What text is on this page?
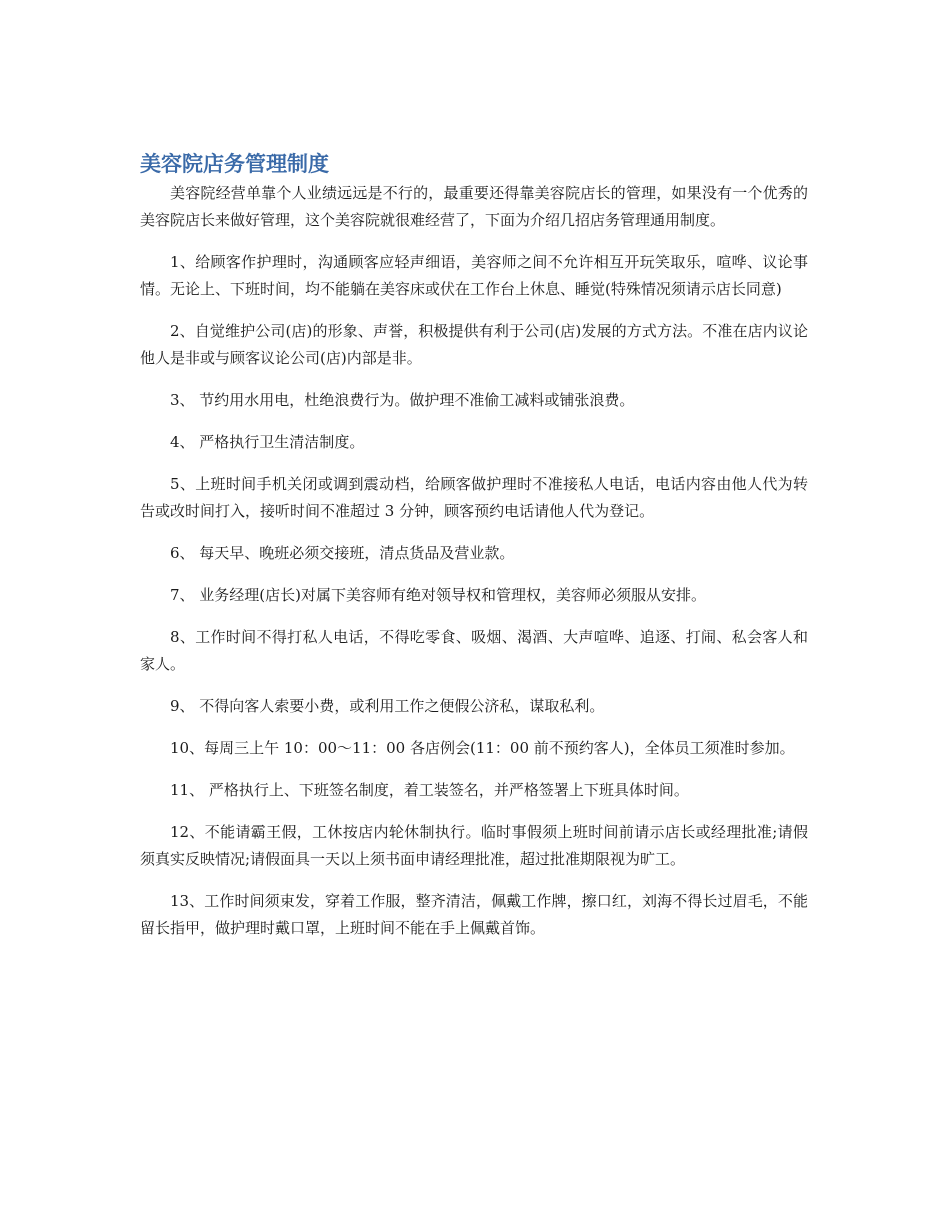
美容院店务管理制度

美容院经营单靠个人业绩远远是不行的，最重要还得靠美容院店长的管理，如果没有一个优秀的美容院店长来做好管理，这个美容院就很难经营了，下面为介绍几招店务管理通用制度。

1、给顾客作护理时，沟通顾客应轻声细语，美容师之间不允许相互开玩笑取乐，喧哗、议论事情。无论上、下班时间，均不能躺在美容床或伏在工作台上休息、睡觉(特殊情况须请示店长同意)

2、自觉维护公司(店)的形象、声誉，积极提供有利于公司(店)发展的方式方法。不准在店内议论他人是非或与顾客议论公司(店)内部是非。

3、 节约用水用电，杜绝浪费行为。做护理不准偷工减料或铺张浪费。

4、 严格执行卫生清洁制度。

5、上班时间手机关闭或调到震动档，给顾客做护理时不准接私人电话，电话内容由他人代为转告或改时间打入，接听时间不准超过 3 分钟，顾客预约电话请他人代为登记。

6、 每天早、晚班必须交接班，清点货品及营业款。

7、 业务经理(店长)对属下美容师有绝对领导权和管理权，美容师必须服从安排。

8、工作时间不得打私人电话，不得吃零食、吸烟、渴酒、大声喧哗、追逐、打闹、私会客人和家人。

9、 不得向客人索要小费，或利用工作之便假公济私，谋取私利。

10、每周三上午 10：00～11：00 各店例会(11：00 前不预约客人)，全体员工须准时参加。

11、 严格执行上、下班签名制度，着工装签名，并严格签署上下班具体时间。

12、不能请霸王假，工休按店内轮休制执行。临时事假须上班时间前请示店长或经理批准;请假须真实反映情况;请假面具一天以上须书面申请经理批准，超过批准期限视为旷工。

13、工作时间须束发，穿着工作服，整齐清洁，佩戴工作牌，擦口红，刘海不得长过眉毛，不能留长指甲，做护理时戴口罩，上班时间不能在手上佩戴首饰。
